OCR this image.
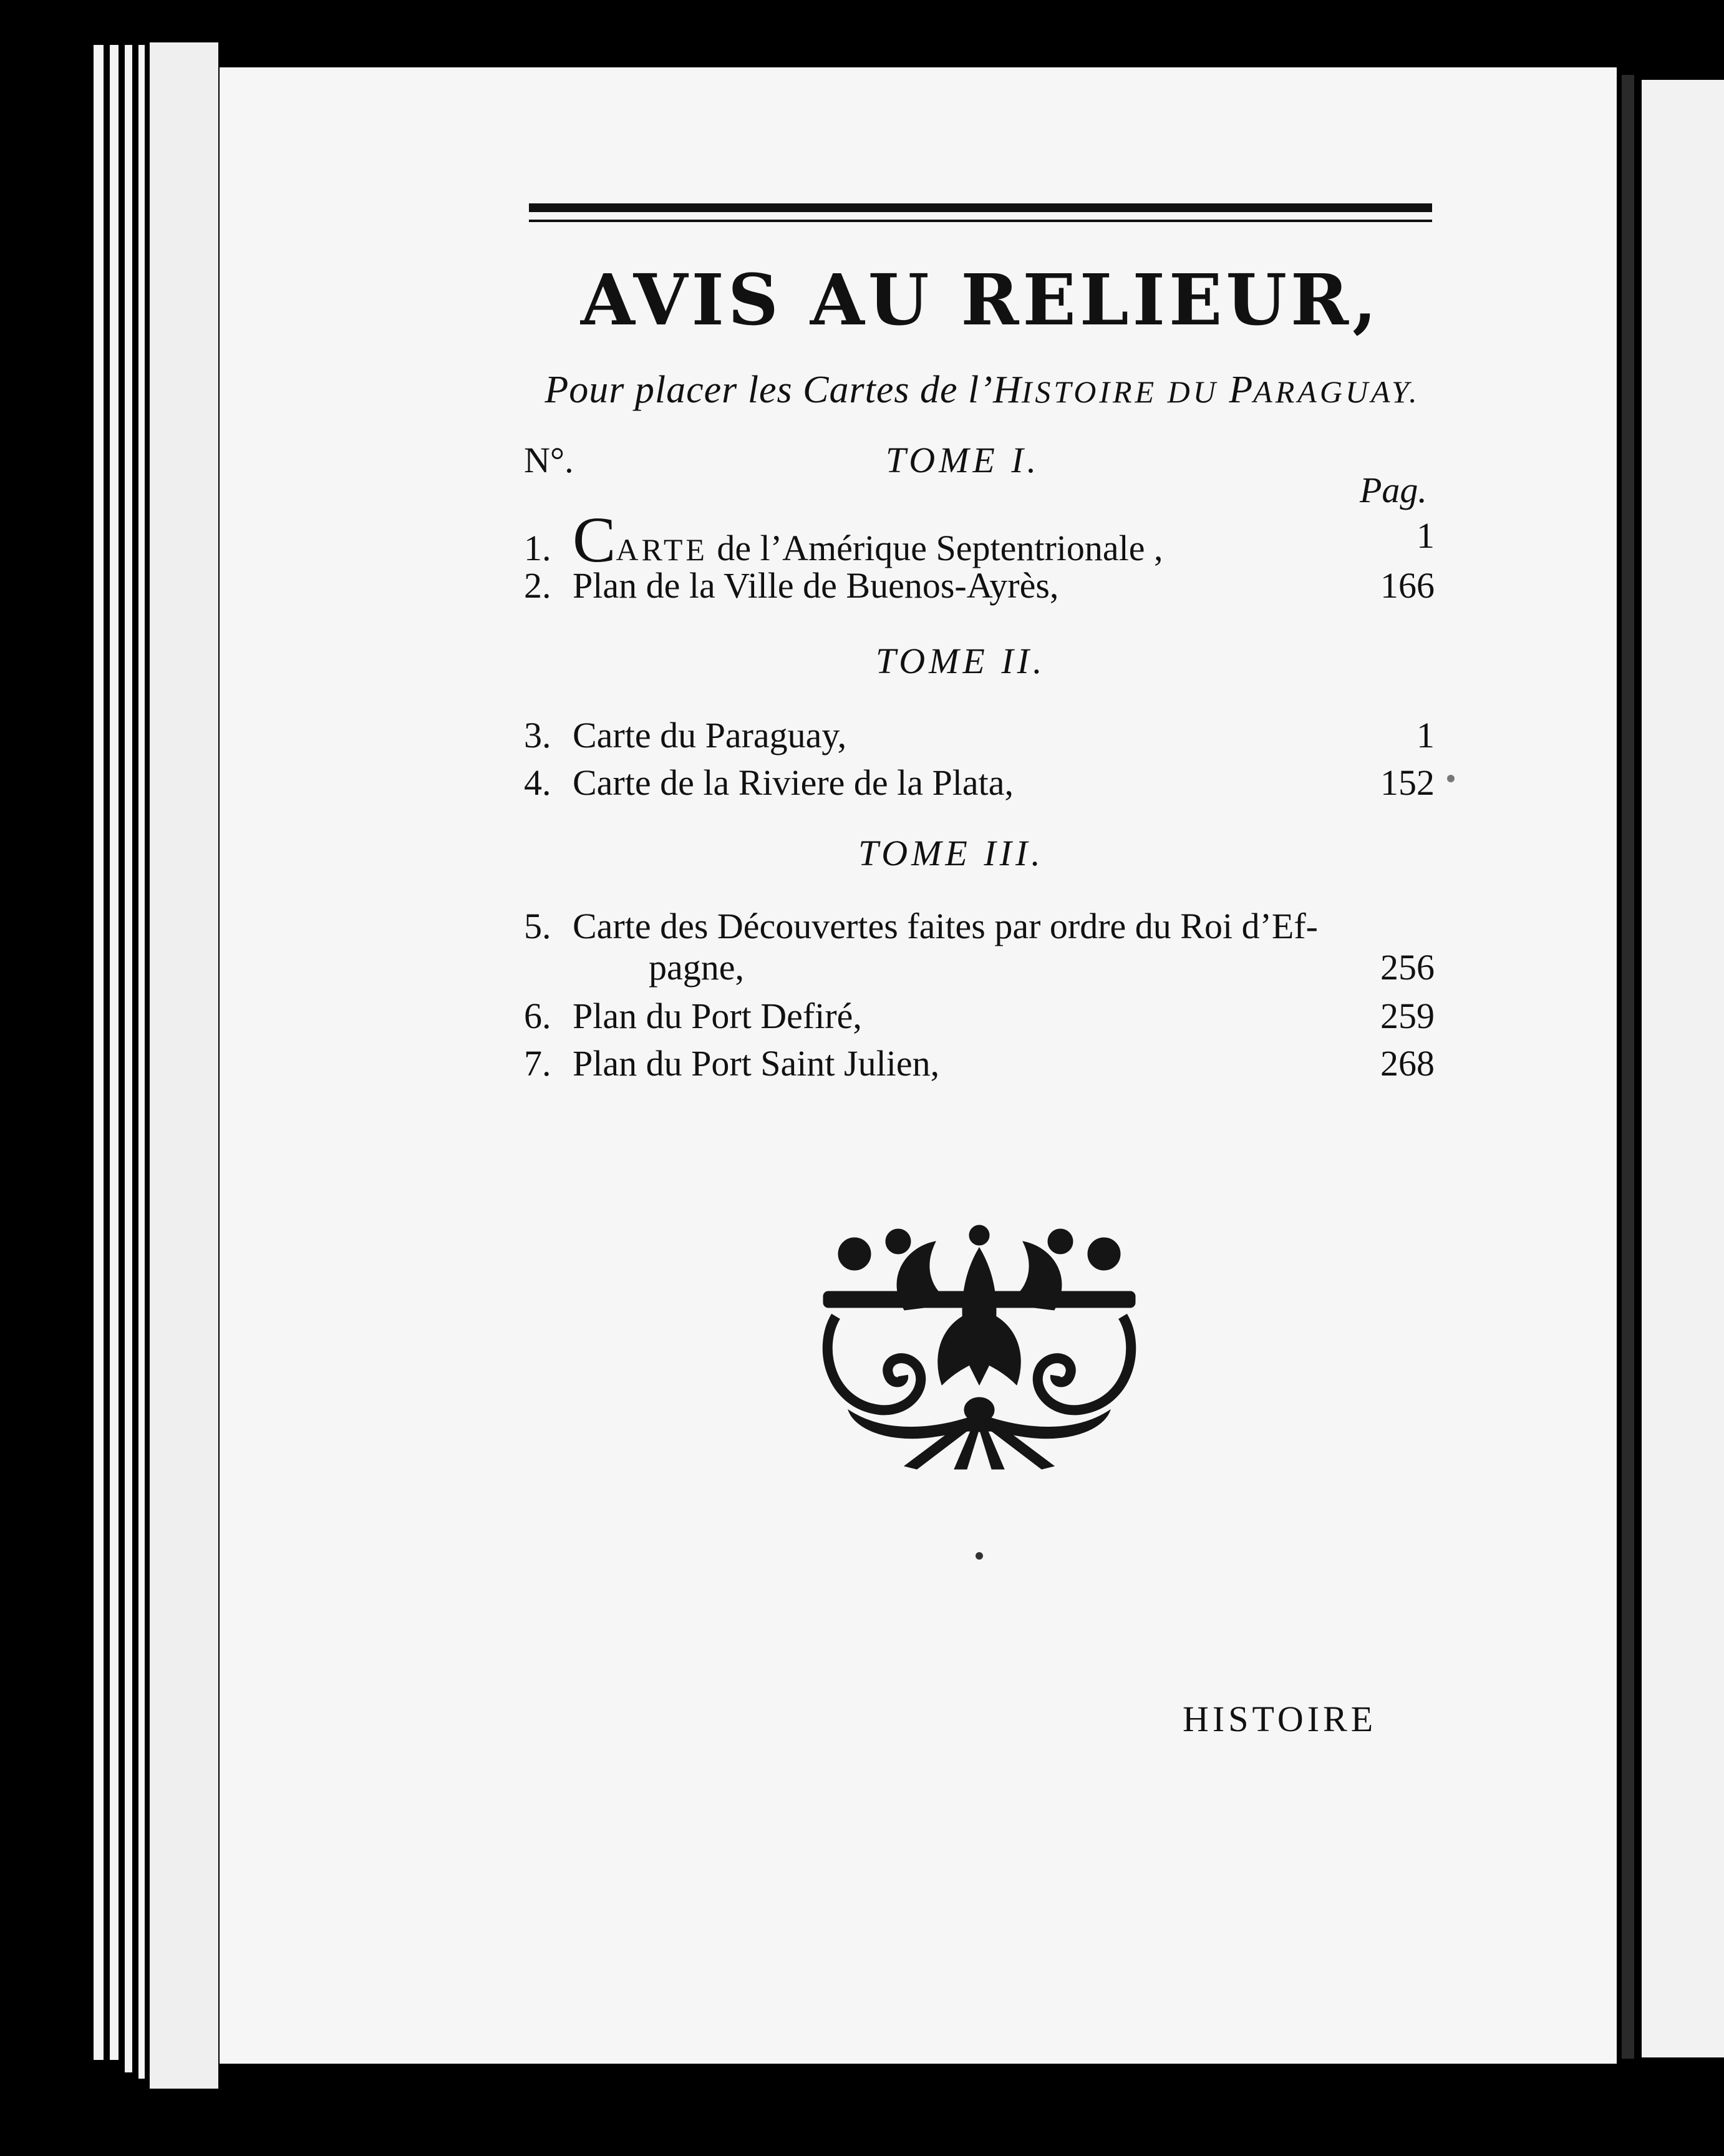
AVIS AU RELIEUR,
Pour placer les Cartes de l’HISTOIRE DU PARAGUAY.
N°.	TOME I.
Pag.
1. CARTE de l’Amérique Septentrionale ,	1
2. Plan de la Ville de Buenos-Ayrès,	166
TOME II.
3. Carte du Paraguay,	1
4. Carte de la Riviere de la Plata,	152
TOME III.
5. Carte des Découvertes faites par ordre du Roi d’Ef-
pagne,	256
6. Plan du Port Defiré,	259
7. Plan du Port Saint Julien,	268
HISTOIRE
